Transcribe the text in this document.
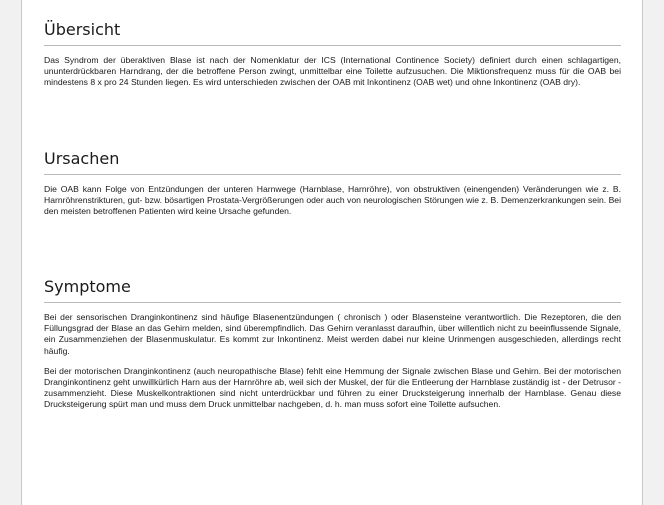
Übersicht

Das Syndrom der überaktiven Blase ist nach der Nomenklatur der ICS (International Continence Society) definiert durch einen schlagartigen, ununterdrückbaren Harndrang, der die betroffene Person zwingt, unmittelbar eine Toilette aufzusuchen. Die Miktionsfrequenz muss für die OAB bei mindestens 8 x pro 24 Stunden liegen. Es wird unterschieden zwischen der OAB mit Inkontinenz (OAB wet) und ohne Inkontinenz (OAB dry).

Ursachen

Die OAB kann Folge von Entzündungen der unteren Harnwege (Harnblase, Harnröhre), von obstruktiven (einengenden) Veränderungen wie z. B. Harnröhrenstrikturen, gut- bzw. bösartigen Prostata-Vergrößerungen oder auch von neurologischen Störungen wie z. B. Demenzerkrankungen sein. Bei den meisten betroffenen Patienten wird keine Ursache gefunden.

Symptome

Bei der sensorischen Dranginkontinenz sind häufige Blasenentzündungen ( chronisch ) oder Blasensteine verantwortlich. Die Rezeptoren, die den Füllungsgrad der Blase an das Gehirn melden, sind überempfindlich. Das Gehirn veranlasst daraufhin, über willentlich nicht zu beeinflussende Signale, ein Zusammenziehen der Blasenmuskulatur. Es kommt zur Inkontinenz. Meist werden dabei nur kleine Urinmengen ausgeschieden, allerdings recht häufig.

Bei der motorischen Dranginkontinenz (auch neuropathische Blase) fehlt eine Hemmung der Signale zwischen Blase und Gehirn. Bei der motorischen Dranginkontinenz geht unwillkürlich Harn aus der Harnröhre ab, weil sich der Muskel, der für die Entleerung der Harnblase zuständig ist - der Detrusor - zusammenzieht. Diese Muskelkontraktionen sind nicht unterdrückbar und führen zu einer Drucksteigerung innerhalb der Harnblase. Genau diese Drucksteigerung spürt man und muss dem Druck unmittelbar nachgeben, d. h. man muss sofort eine Toilette aufsuchen.
